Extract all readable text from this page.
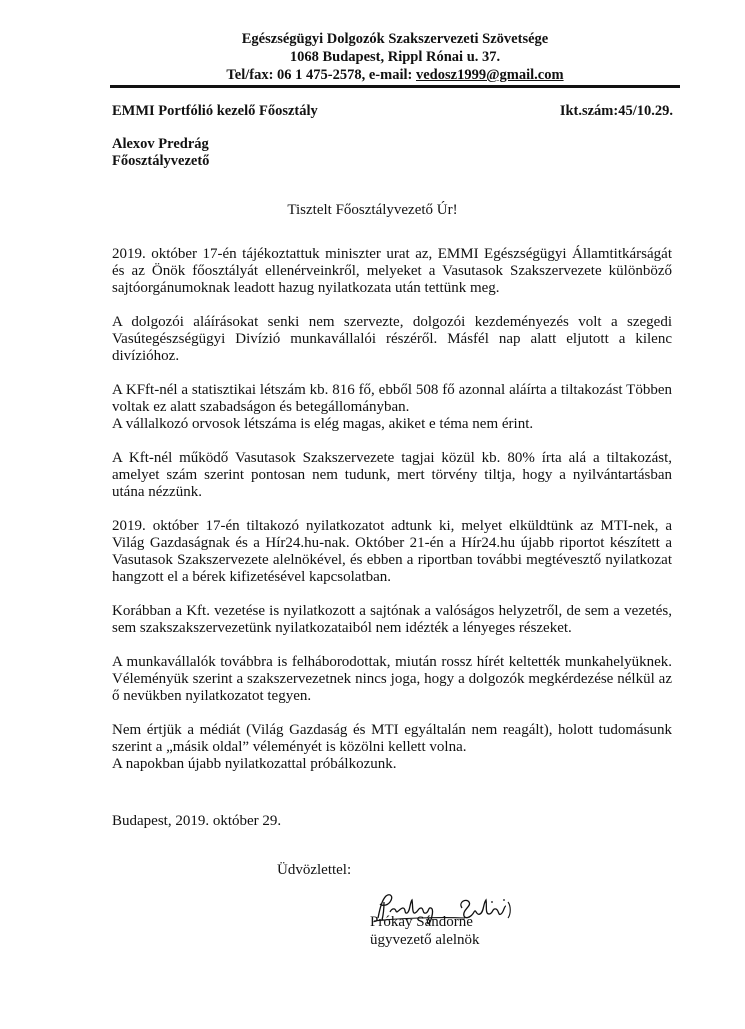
Egészségügyi Dolgozók Szakszervezeti Szövetsége
1068 Budapest, Rippl Rónai u. 37.
Tel/fax: 06 1 475-2578, e-mail: vedosz1999@gmail.com
EMMI Portfólió kezelő Főosztály	Ikt.szám:45/10.29.
Alexov Predrág
Főosztályvezető
Tisztelt Főosztályvezető Úr!

2019. október 17-én tájékoztattuk miniszter urat az, EMMI Egészségügyi Államtitkárságát és az Önök főosztályát ellenérveinkről, melyeket a Vasutasok Szakszervezete különböző sajtóorgánumoknak leadott hazug nyilatkozata után tettünk meg.

A dolgozói aláírásokat senki nem szervezte, dolgozói kezdeményezés volt a szegedi Vasútegészségügyi Divízió munkavállalói részéről. Másfél nap alatt eljutott a kilenc divízióhoz.

A KFft-nél a statisztikai létszám kb. 816 fő, ebből 508 fő azonnal aláírta a tiltakozást Többen voltak ez alatt szabadságon és betegállományban.
A vállalkozó orvosok létszáma is elég magas, akiket e téma nem érint.

A Kft-nél működő Vasutasok Szakszervezete tagjai közül kb. 80% írta alá a tiltakozást, amelyet szám szerint pontosan nem tudunk, mert törvény tiltja, hogy a nyilvántartásban utána nézzünk.

2019. október 17-én tiltakozó nyilatkozatot adtunk ki, melyet elküldtünk az MTI-nek, a Világ Gazdaságnak és a Hír24.hu-nak. Október 21-én a Hír24.hu újabb riportot készített a Vasutasok Szakszervezete alelnökével, és ebben a riportban további megtévesztő nyilatkozat hangzott el a bérek kifizetésével kapcsolatban.

Korábban a Kft. vezetése is nyilatkozott a sajtónak a valóságos helyzetről, de sem a vezetés, sem szakszakszervezetünk nyilatkozataiból nem idézték a lényeges részeket.

A munkavállalók továbbra is felháborodottak, miután rossz hírét keltették munkahelyüknek. Véleményük szerint a szakszervezetnek nincs joga, hogy a dolgozók megkérdezése nélkül az ő nevükben nyilatkozatot tegyen.

Nem értjük a médiát (Világ Gazdaság és MTI egyáltalán nem reagált), holott tudomásunk szerint a „másik oldal” véleményét is közölni kellett volna.
A napokban újabb nyilatkozattal próbálkozunk.

Budapest, 2019. október 29.
Üdvözlettel:
Prókay Sándorné
ügyvezető alelnök
